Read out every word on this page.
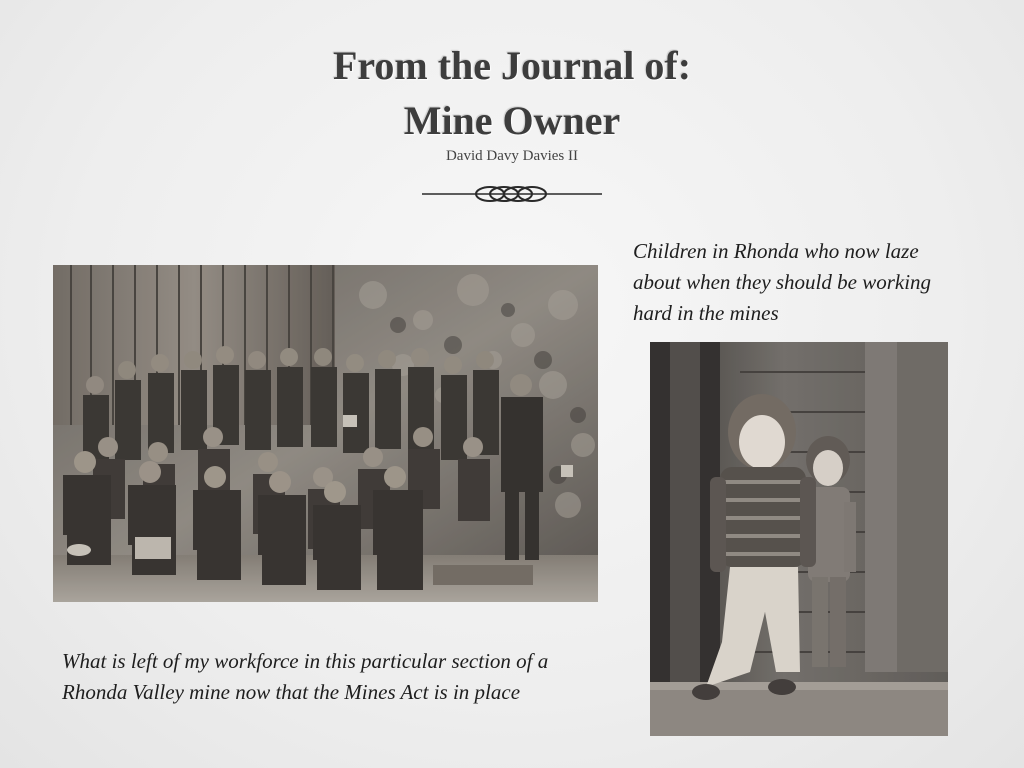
From the Journal of:
Mine Owner
David Davy Davies II

Children in Rhonda who now laze about when they should be working hard in the mines

What is left of my workforce in this particular section of a Rhonda Valley mine now that the Mines Act is in place
